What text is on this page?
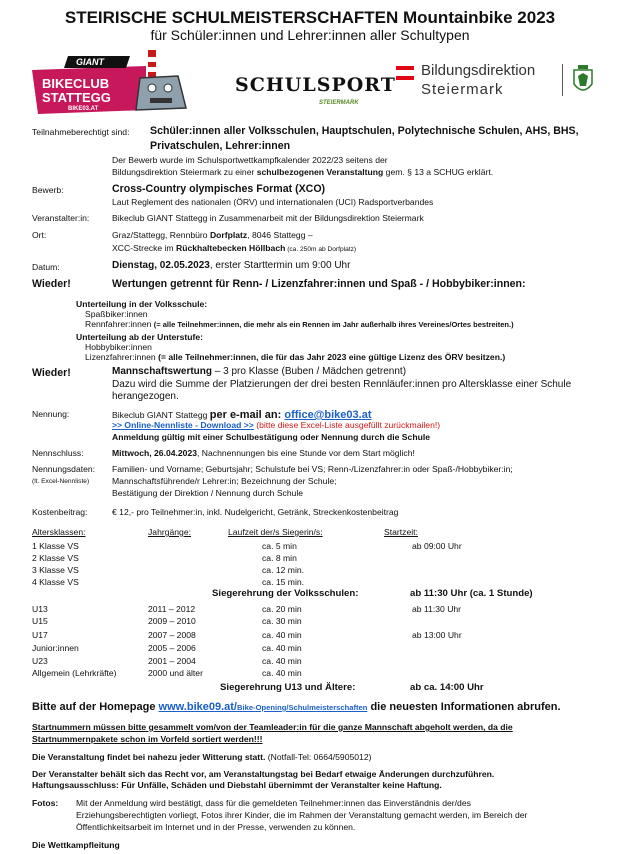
STEIRISCHE SCHULMEISTERSCHAFTEN Mountainbike 2023
für Schüler:innen und Lehrer:innen aller Schultypen
GIANT
BIKECLUB
STATTEGG
BIKE03.AT
SCHULSPORT
STEIERMARK
Bildungsdirektion
Steiermark
Teilnahmeberechtigt sind: Schüler:innen aller Volksschulen, Hauptschulen, Polytechnische Schulen, AHS, BHS,
Privatschulen, Lehrer:innen
Der Bewerb wurde im Schulsportwettkampfkalender 2022/23 seitens der
Bildungsdirektion Steiermark zu einer schulbezogenen Veranstaltung gem. § 13 a SCHUG erklärt.
Bewerb:	Cross-Country olympisches Format (XCO)
Laut Reglement des nationalen (ÖRV) und internationalen (UCI) Radsportverbandes
Veranstalter:in:	Bikeclub GIANT Stattegg in Zusammenarbeit mit der Bildungsdirektion Steiermark
Ort:	Graz/Stattegg, Rennbüro Dorfplatz, 8046 Stattegg –
XCC-Strecke im Rückhaltebecken Höllbach (ca. 250m ab Dorfplatz)
Datum:	Dienstag, 02.05.2023, erster Starttermin um 9:00 Uhr
Wieder!	Wertungen getrennt für Renn- / Lizenzfahrer:innen und Spaß - / Hobbybiker:innen:
Unterteilung in der Volksschule:
Spaßbiker:innen
Rennfahrer:innen (= alle Teilnehmer:innen, die mehr als ein Rennen im Jahr außerhalb ihres Vereines/Ortes bestreiten.)
Unterteilung ab der Unterstufe:
Hobbybiker:innen
Lizenzfahrer:innen (= alle Teilnehmer:innen, die für das Jahr 2023 eine gültige Lizenz des ÖRV besitzen.)
Wieder!	Mannschaftswertung – 3 pro Klasse (Buben / Mädchen getrennt)
Dazu wird die Summe der Platzierungen der drei besten Rennläufer:innen pro Altersklasse einer Schule
herangezogen.
Nennung:	Bikeclub GIANT Stattegg per e-mail an: office@bike03.at
>> Online-Nennliste - Download >> (bitte diese Excel-Liste ausgefüllt zurückmailen!)
Anmeldung gültig mit einer Schulbestätigung oder Nennung durch die Schule
Nennschluss:	Mittwoch, 26.04.2023, Nachnennungen bis eine Stunde vor dem Start möglich!
Nennungsdaten:
(lt. Excel-Nennliste)
Familien- und Vorname; Geburtsjahr; Schulstufe bei VS; Renn-/Lizenzfahrer:in oder Spaß-/Hobbybiker:in;
Mannschaftsführende/r Lehrer:in; Bezeichnung der Schule;
Bestätigung der Direktion / Nennung durch Schule
Kostenbeitrag:	€ 12,- pro Teilnehmer:in, inkl. Nudelgericht, Getränk, Streckenkostenbeitrag
Altersklassen:	Jahrgänge:	Laufzeit der/s Siegerin/s:	Startzeit:
1 Klasse VS	ca. 5 min	ab 09:00 Uhr
2 Klasse VS	ca. 8 min
3 Klasse VS	ca. 12 min.
4 Klasse VS	ca. 15 min.
Siegerehrung der Volksschulen:	ab 11:30 Uhr (ca. 1 Stunde)
U13	2011 – 2012	ca. 20 min	ab 11:30 Uhr
U15	2009 – 2010	ca. 30 min
U17	2007 – 2008	ca. 40 min	ab 13:00 Uhr
Junior:innen	2005 – 2006	ca. 40 min
U23	2001 – 2004	ca. 40 min
Allgemein (Lehrkräfte)	2000 und älter	ca. 40 min
Siegerehrung U13 und Ältere:	ab ca. 14:00 Uhr
Bitte auf der Homepage www.bike09.at/Bike-Opening/Schulmeisterschaften die neuesten Informationen abrufen.
Startnummern müssen bitte gesammelt vom/von der Teamleader:in für die ganze Mannschaft abgeholt werden, da die
Startnummernpakete schon im Vorfeld sortiert werden!!!
Die Veranstaltung findet bei nahezu jeder Witterung statt. (Notfall-Tel: 0664/5905012)
Der Veranstalter behält sich das Recht vor, am Veranstaltungstag bei Bedarf etwaige Änderungen durchzuführen.
Haftungsausschluss: Für Unfälle, Schäden und Diebstahl übernimmt der Veranstalter keine Haftung.
Fotos: Mit der Anmeldung wird bestätigt, dass für die gemeldeten Teilnehmer:innen das Einverständnis der/des
Erziehungsberechtigten vorliegt, Fotos ihrer Kinder, die im Rahmen der Veranstaltung gemacht werden, im Bereich der
Öffentlichkeitsarbeit im Internet und in der Presse, verwenden zu können.
Die Wettkampfleitung
